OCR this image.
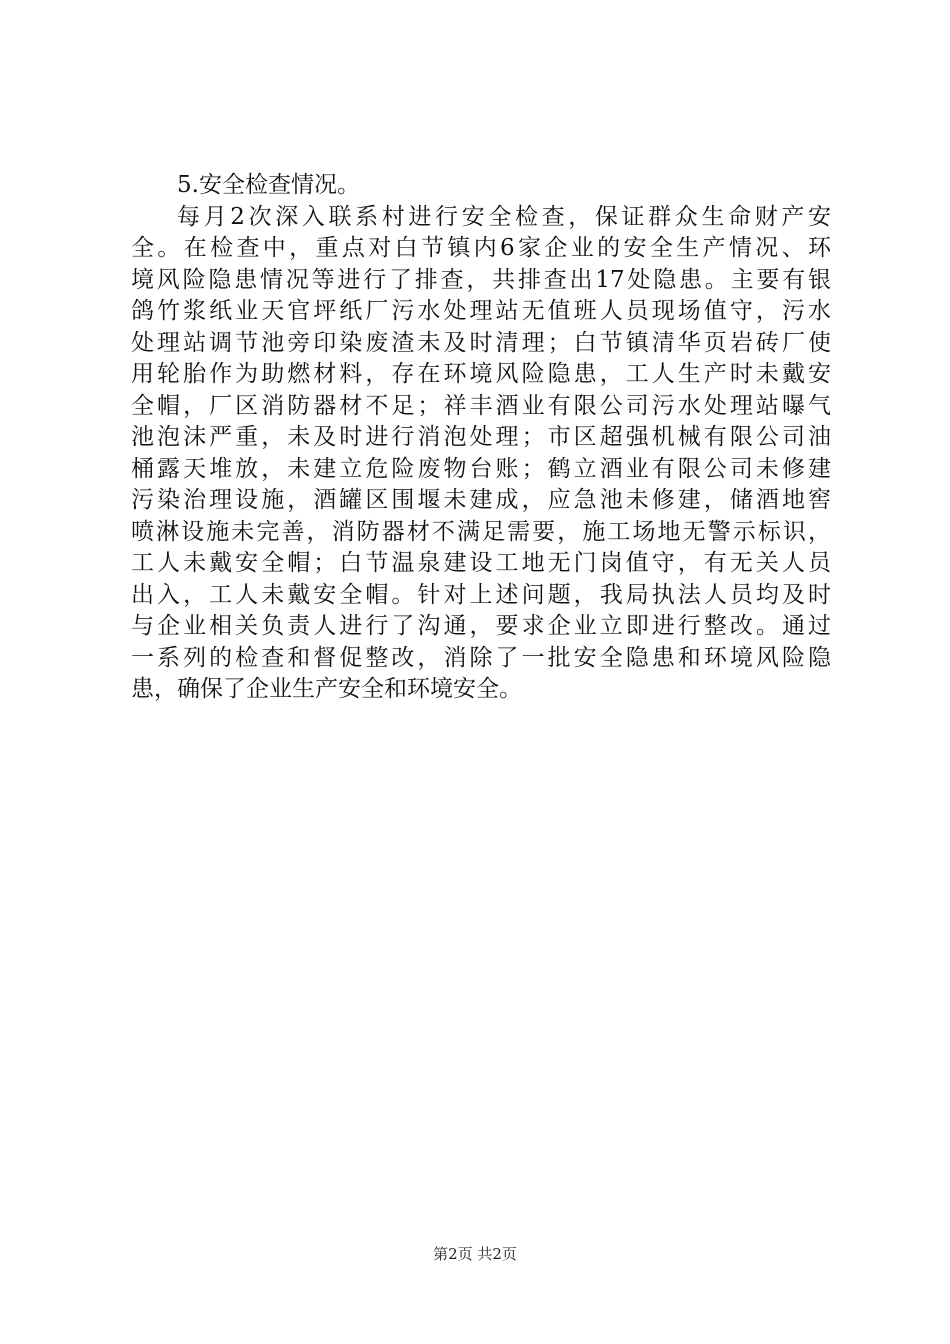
5.安全检查情况。
每月2次深入联系村进行安全检查，保证群众生命财产安
全。在检查中，重点对白节镇内6家企业的安全生产情况、环
境风险隐患情况等进行了排查，共排查出17处隐患。主要有银
鸽竹浆纸业天官坪纸厂污水处理站无值班人员现场值守，污水
处理站调节池旁印染废渣未及时清理；白节镇清华页岩砖厂使
用轮胎作为助燃材料，存在环境风险隐患，工人生产时未戴安
全帽，厂区消防器材不足；祥丰酒业有限公司污水处理站曝气
池泡沫严重，未及时进行消泡处理；市区超强机械有限公司油
桶露天堆放，未建立危险废物台账；鹤立酒业有限公司未修建
污染治理设施，酒罐区围堰未建成，应急池未修建，储酒地窖
喷淋设施未完善，消防器材不满足需要，施工场地无警示标识，
工人未戴安全帽；白节温泉建设工地无门岗值守，有无关人员
出入，工人未戴安全帽。针对上述问题，我局执法人员均及时
与企业相关负责人进行了沟通，要求企业立即进行整改。通过
一系列的检查和督促整改，消除了一批安全隐患和环境风险隐
患，确保了企业生产安全和环境安全。
第2页 共2页
